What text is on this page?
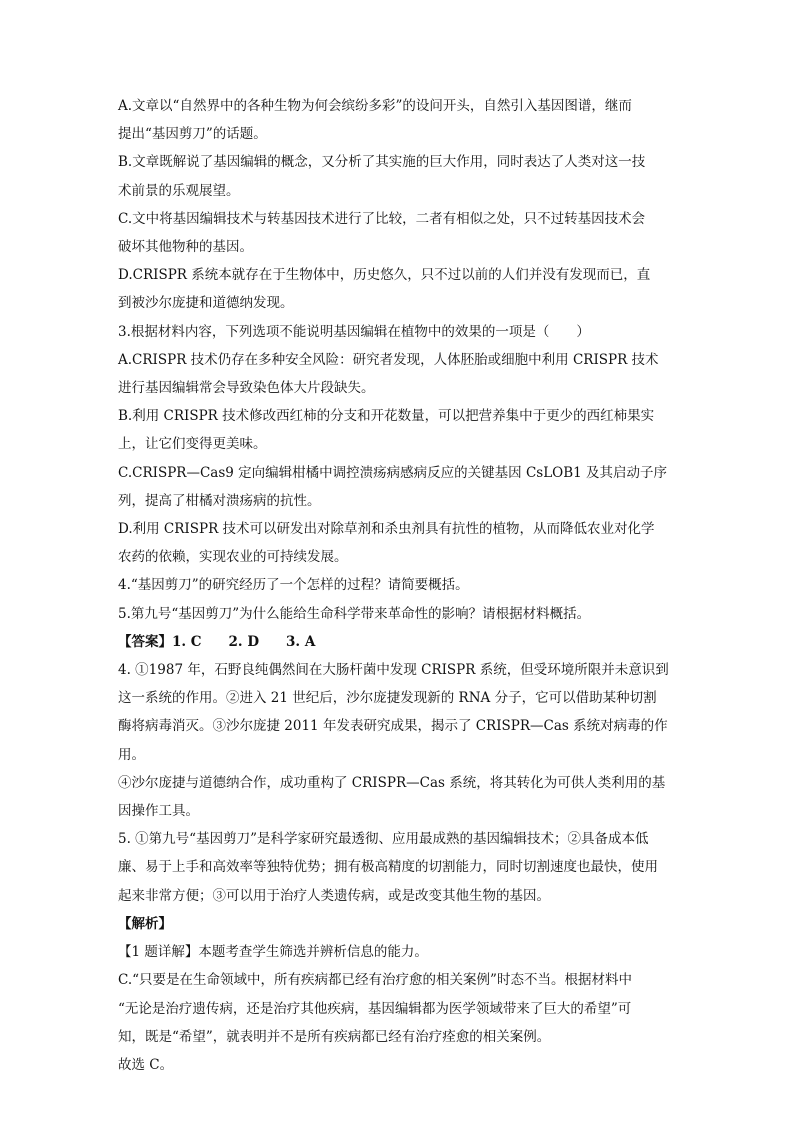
A.文章以“自然界中的各种生物为何会缤纷多彩”的设问开头，自然引入基因图谱，继而

提出“基因剪刀”的话题。

B.文章既解说了基因编辑的概念，又分析了其实施的巨大作用，同时表达了人类对这一技

术前景的乐观展望。

C.文中将基因编辑技术与转基因技术进行了比较，二者有相似之处，只不过转基因技术会

破坏其他物种的基因。

D.CRISPR 系统本就存在于生物体中，历史悠久，只不过以前的人们并没有发现而已，直

到被沙尔庞捷和道德纳发现。

3.根据材料内容，下列选项不能说明基因编辑在植物中的效果的一项是（　　）

A.CRISPR 技术仍存在多种安全风险：研究者发现，人体胚胎或细胞中利用 CRISPR 技术

进行基因编辑常会导致染色体大片段缺失。

B.利用 CRISPR 技术修改西红柿的分支和开花数量，可以把营养集中于更少的西红柿果实

上，让它们变得更美味。

C.CRISPR—Cas9 定向编辑柑橘中调控溃疡病感病反应的关键基因 CsLOB1 及其启动子序

列，提高了柑橘对溃疡病的抗性。

D.利用 CRISPR 技术可以研发出对除草剂和杀虫剂具有抗性的植物，从而降低农业对化学

农药的依赖，实现农业的可持续发展。

4.“基因剪刀”的研究经历了一个怎样的过程？请简要概括。

5.第九号“基因剪刀”为什么能给生命科学带来革命性的影响？请根据材料概括。

【答案】1. C　　2. D　　3. A

4. ①1987 年，石野良纯偶然间在大肠杆菌中发现 CRISPR 系统，但受环境所限并未意识到

这一系统的作用。②进入 21 世纪后，沙尔庞捷发现新的 RNA 分子，它可以借助某种切割

酶将病毒消灭。③沙尔庞捷 2011 年发表研究成果，揭示了 CRISPR—Cas 系统对病毒的作用。

④沙尔庞捷与道德纳合作，成功重构了 CRISPR—Cas 系统，将其转化为可供人类利用的基

因操作工具。

5. ①第九号“基因剪刀”是科学家研究最透彻、应用最成熟的基因编辑技术；②具备成本低

廉、易于上手和高效率等独特优势；拥有极高精度的切割能力，同时切割速度也最快，使用

起来非常方便；③可以用于治疗人类遗传病，或是改变其他生物的基因。

【解析】

【1 题详解】本题考查学生筛选并辨析信息的能力。

C.“只要是在生命领域中，所有疾病都已经有治疗愈的相关案例”时态不当。根据材料中

“无论是治疗遗传病，还是治疗其他疾病，基因编辑都为医学领域带来了巨大的希望”可

知，既是“希望”，就表明并不是所有疾病都已经有治疗痊愈的相关案例。

故选 C。
